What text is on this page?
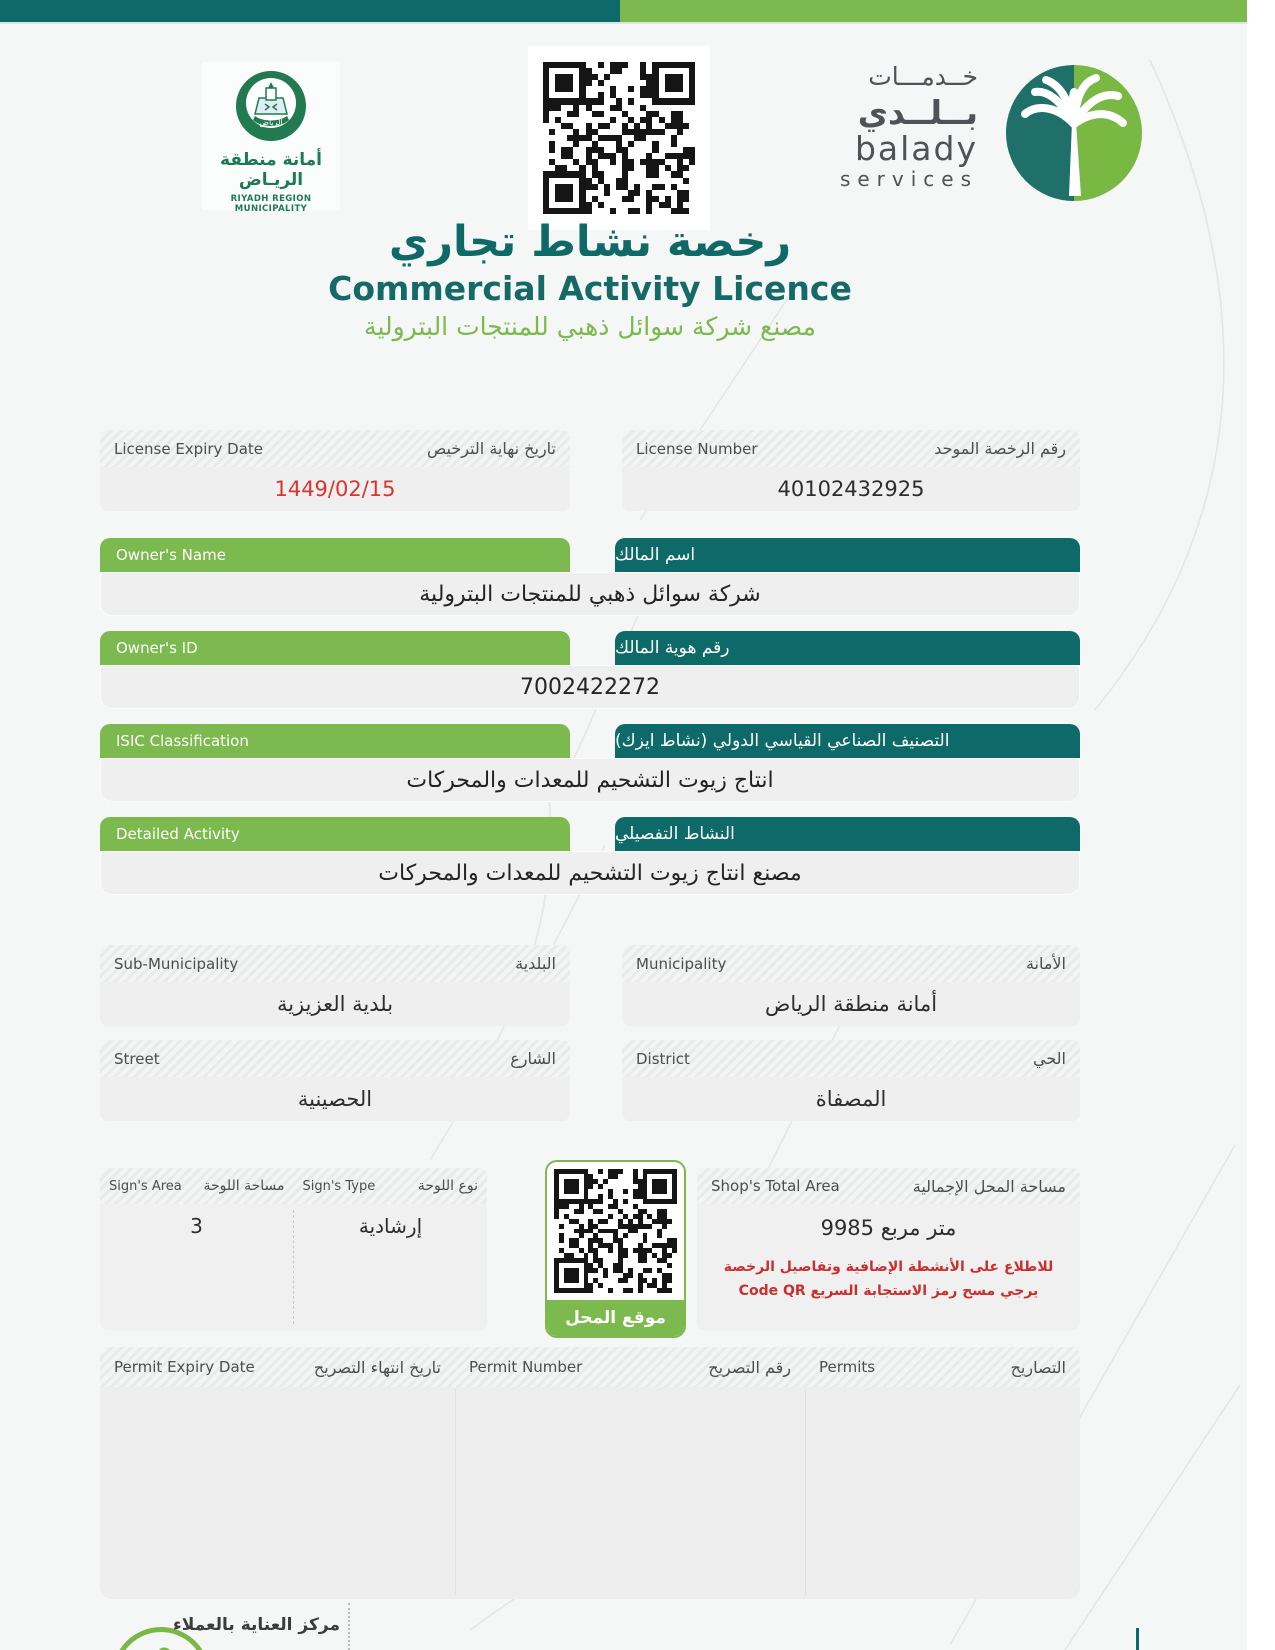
الرياض
أمانة منطقة الريـاض
RIYADH REGION MUNICIPALITY
خــدمـــات
بــلــدي
balady
services
رخصة نشاط تجاري
Commercial Activity Licence
مصنع شركة سوائل ذهبي للمنتجات البترولية
License Expiry Date	تاريخ نهاية الترخيص
1449/02/15
License Number	رقم الرخصة الموحد
40102432925
Owner's Name	اسم المالك
شركة سوائل ذهبي للمنتجات البترولية
Owner's ID	رقم هوية المالك
7002422272
ISIC Classification	التصنيف الصناعي القياسي الدولي (نشاط ايزك)
انتاج زيوت التشحيم للمعدات والمحركات
Detailed Activity	النشاط التفصيلي
مصنع انتاج زيوت التشحيم للمعدات والمحركات
Sub-Municipality	البلدية
بلدية العزيزية
Municipality	الأمانة
أمانة منطقة الرياض
Street	الشارع
الحصينية
District	الحي
المصفاة
Sign's Area مساحة اللوحة Sign's Type	نوع اللوحة
3	إرشادية
موقع المحل
Shop's Total Area	مساحة المحل الإجمالية
9985 متر مربع
للاطلاع على الأنشطة الإضافية وتفاصيل الرخصة يرجي مسح رمز الاستجابة السريع Code QR
Permit Expiry Date	تاريخ انتهاء التصريح Permit Number	رقم التصريح Permits	التصاريح
مركز العناية بالعملاء
